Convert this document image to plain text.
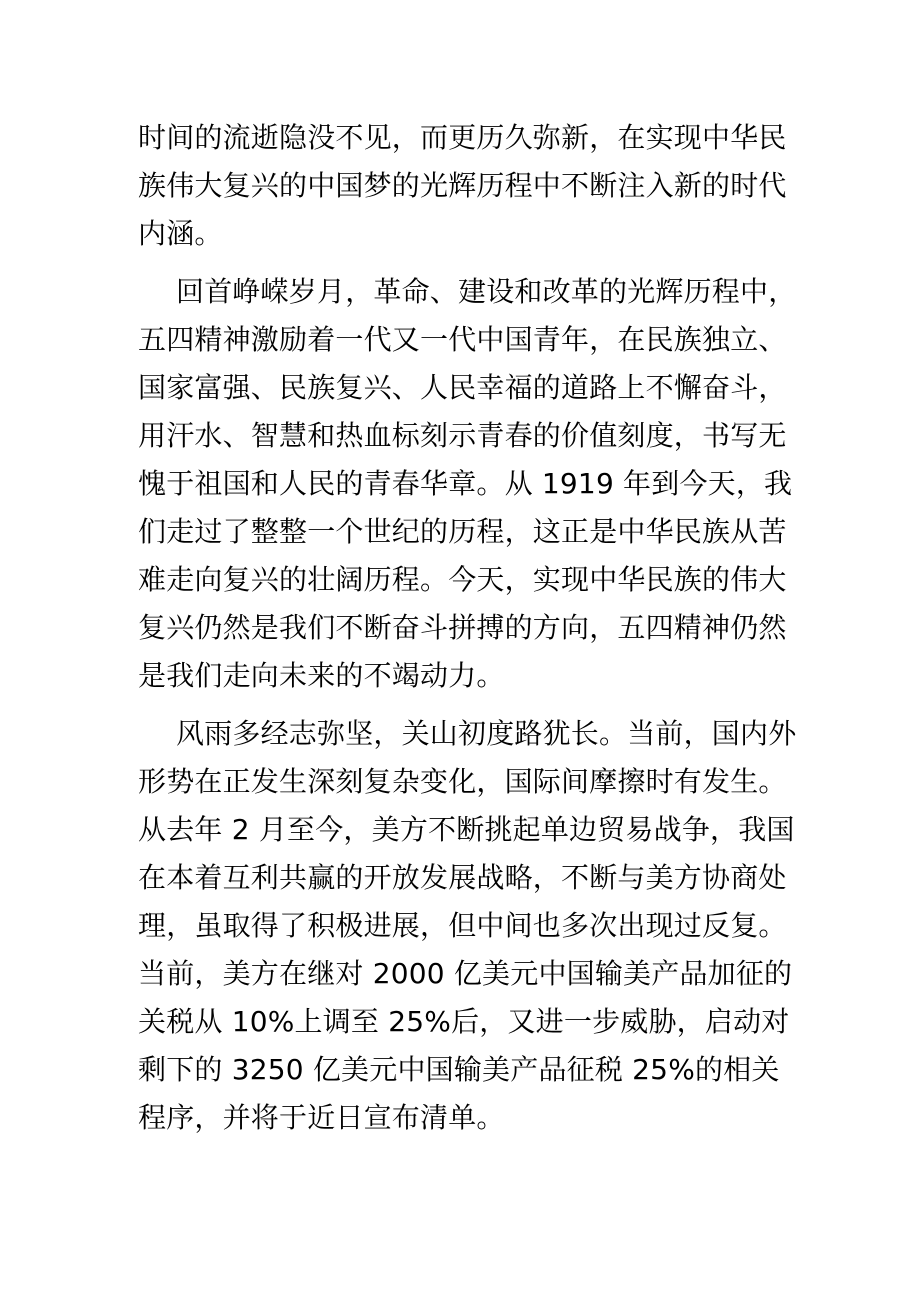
时间的流逝隐没不见，而更历久弥新，在实现中华民
族伟大复兴的中国梦的光辉历程中不断注入新的时代
内涵。
回首峥嵘岁月，革命、建设和改革的光辉历程中，
五四精神激励着一代又一代中国青年，在民族独立、
国家富强、民族复兴、人民幸福的道路上不懈奋斗，
用汗水、智慧和热血标刻示青春的价值刻度，书写无
愧于祖国和人民的青春华章。从 1919 年到今天，我
们走过了整整一个世纪的历程，这正是中华民族从苦
难走向复兴的壮阔历程。今天，实现中华民族的伟大
复兴仍然是我们不断奋斗拼搏的方向，五四精神仍然
是我们走向未来的不竭动力。
风雨多经志弥坚，关山初度路犹长。当前，国内外
形势在正发生深刻复杂变化，国际间摩擦时有发生。
从去年 2 月至今，美方不断挑起单边贸易战争，我国
在本着互利共赢的开放发展战略，不断与美方协商处
理，虽取得了积极进展，但中间也多次出现过反复。
当前，美方在继对 2000 亿美元中国输美产品加征的
关税从 10%上调至 25%后，又进一步威胁，启动对
剩下的 3250 亿美元中国输美产品征税 25%的相关
程序，并将于近日宣布清单。
